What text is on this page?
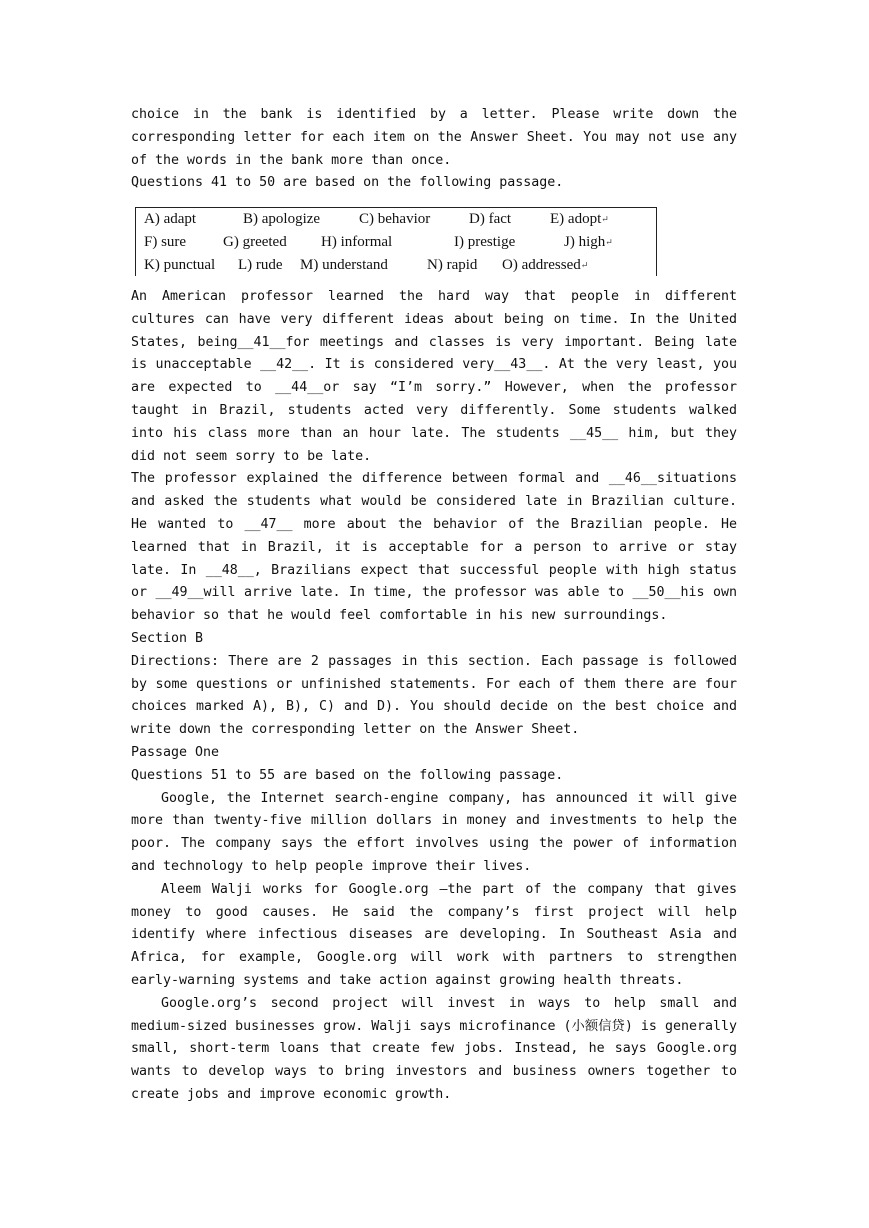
choice in the bank is identified by a letter. Please write down the corresponding letter for each item on the Answer Sheet. You may not use any of the words in the bank more than once.

Questions 41 to 50 are based on the following passage.

A) adapt	B) apologize	C) behavior	D) fact	E) adopt↵
F) sure G) greeted H) informal	I) prestige	J) high↵
K) punctual L) rude M) understand	N) rapid O) addressed↵

An American professor learned the hard way that people in different cultures can have very different ideas about being on time. In the United States, being__41__for meetings and classes is very important. Being late is unacceptable __42__. It is considered very__43__. At the very least, you are expected to __44__or say “I’m sorry.” However, when the professor taught in Brazil, students acted very differently. Some students walked into his class more than an hour late. The students __45__ him, but they did not seem sorry to be late.

The professor explained the difference between formal and __46__situations and asked the students what would be considered late in Brazilian culture. He wanted to __47__ more about the behavior of the Brazilian people. He learned that in Brazil, it is acceptable for a person to arrive or stay late. In __48__, Brazilians expect that successful people with high status or __49__will arrive late. In time, the professor was able to __50__his own behavior so that he would feel comfortable in his new surroundings.

Section B

Directions: There are 2 passages in this section. Each passage is followed by some questions or unfinished statements. For each of them there are four choices marked A), B), C) and D). You should decide on the best choice and write down the corresponding letter on the Answer Sheet.

Passage One

Questions 51 to 55 are based on the following passage.

Google, the Internet search-engine company, has announced it will give more than twenty-five million dollars in money and investments to help the poor. The company says the effort involves using the power of information and technology to help people improve their lives.

Aleem Walji works for Google.org —the part of the company that gives money to good causes. He said the company’s first project will help identify where infectious diseases are developing. In Southeast Asia and Africa, for example, Google.org will work with partners to strengthen early-warning systems and take action against growing health threats.

Google.org’s second project will invest in ways to help small and medium-sized businesses grow. Walji says microfinance (小额信贷) is generally small, short-term loans that create few jobs. Instead, he says Google.org wants to develop ways to bring investors and business owners together to create jobs and improve economic growth.
